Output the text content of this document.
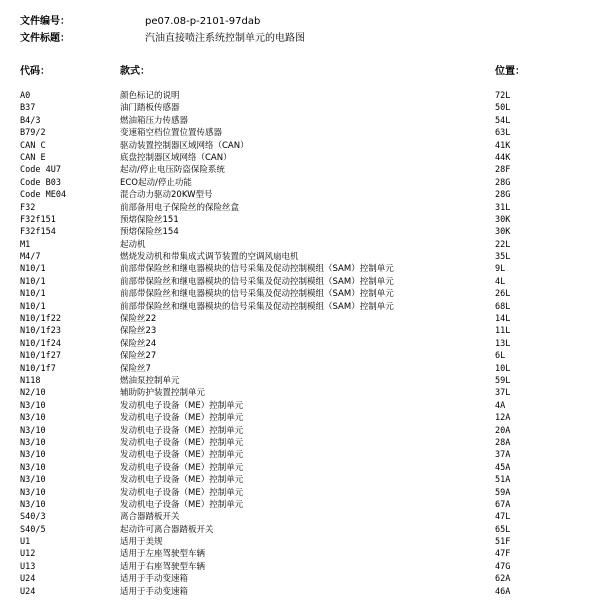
文件编号：	pe07.08-p-2101-97dab
文件标题：	汽油直接喷注系统控制单元的电路图
代码：	款式：	位置：
A0	颜色标记的说明	72L
B37	油门踏板传感器	50L
B4/3	燃油箱压力传感器	54L
B79/2	变速箱空档位置位置传感器	63L
CAN C	驱动装置控制器区域网络（CAN）	41K
CAN E	底盘控制器区域网络（CAN）	44K
Code 4U7	起动/停止电压防盗保险系统	28F
Code B03	ECO起动/停止功能	28G
Code ME04	混合动力驱动20KW型号	28G
F32	前部备用电子保险丝的保险丝盒	31L
F32f151	预熔保险丝151	30K
F32f154	预熔保险丝154	30K
M1	起动机	22L
M4/7	燃烧发动机和带集成式调节装置的空调风扇电机	35L
N10/1	前部带保险丝和继电器模块的信号采集及促动控制模组（SAM）控制单元	9L
N10/1	前部带保险丝和继电器模块的信号采集及促动控制模组（SAM）控制单元	4L
N10/1	前部带保险丝和继电器模块的信号采集及促动控制模组（SAM）控制单元	26L
N10/1	前部带保险丝和继电器模块的信号采集及促动控制模组（SAM）控制单元	68L
N10/1f22	保险丝22	14L
N10/1f23	保险丝23	11L
N10/1f24	保险丝24	13L
N10/1f27	保险丝27	6L
N10/1f7	保险丝7	10L
N118	燃油泵控制单元	59L
N2/10	辅助防护装置控制单元	37L
N3/10	发动机电子设备（ME）控制单元	4A
N3/10	发动机电子设备（ME）控制单元	12A
N3/10	发动机电子设备（ME）控制单元	20A
N3/10	发动机电子设备（ME）控制单元	28A
N3/10	发动机电子设备（ME）控制单元	37A
N3/10	发动机电子设备（ME）控制单元	45A
N3/10	发动机电子设备（ME）控制单元	51A
N3/10	发动机电子设备（ME）控制单元	59A
N3/10	发动机电子设备（ME）控制单元	67A
S40/3	离合器踏板开关	47L
S40/5	起动许可离合器踏板开关	65L
U1	适用于美规	51F
U12	适用于左座驾驶型车辆	47F
U13	适用于右座驾驶型车辆	47G
U24	适用于手动变速箱	62A
U24	适用于手动变速箱	46A
